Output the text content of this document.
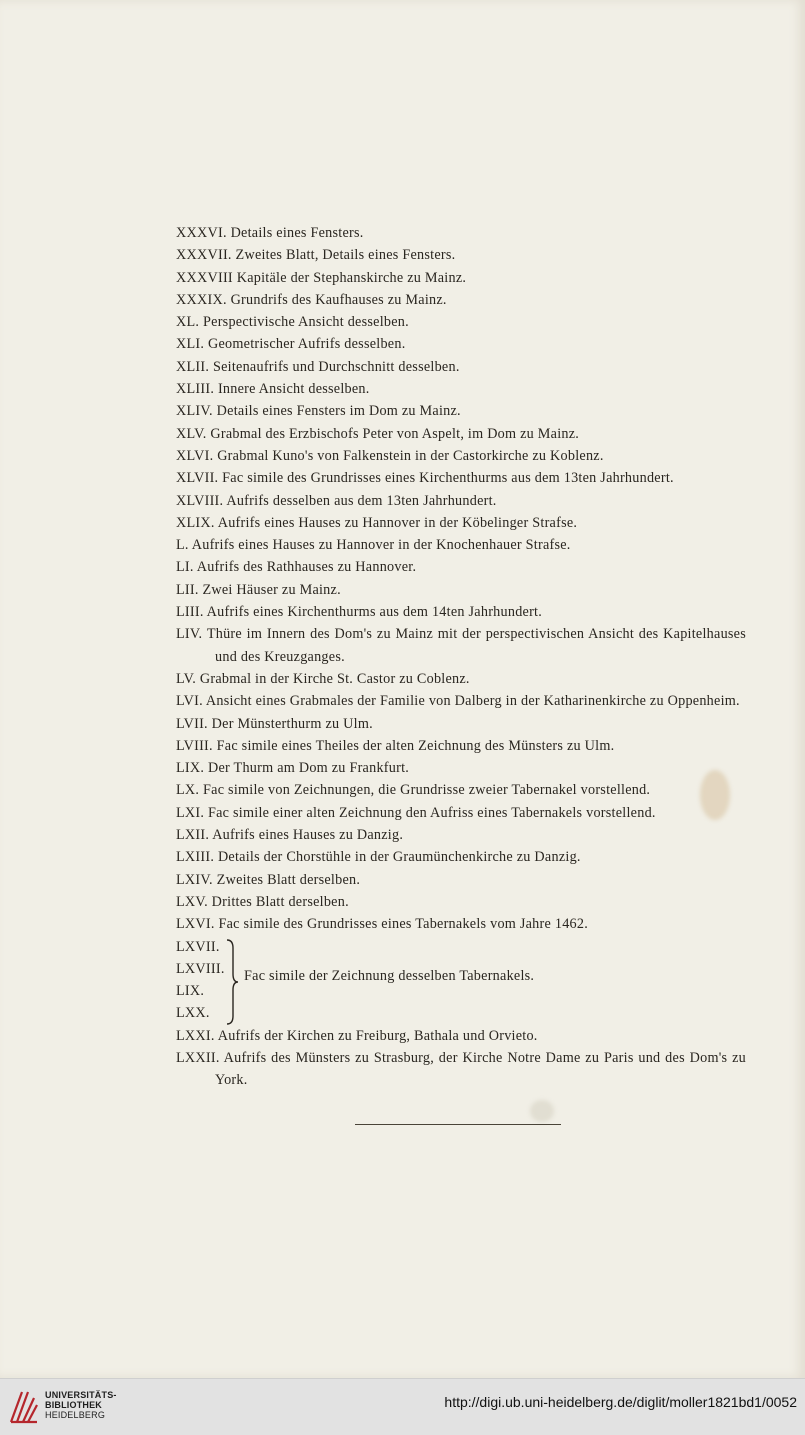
XXXVI. Details eines Fensters.
XXXVII. Zweites Blatt, Details eines Fensters.
XXXVIII Kapitäle der Stephanskirche zu Mainz.
XXXIX. Grundrifs des Kaufhauses zu Mainz.
XL. Perspectivische Ansicht desselben.
XLI. Geometrischer Aufrifs desselben.
XLII. Seitenaufrifs und Durchschnitt desselben.
XLIII. Innere Ansicht desselben.
XLIV. Details eines Fensters im Dom zu Mainz.
XLV. Grabmal des Erzbischofs Peter von Aspelt, im Dom zu Mainz.
XLVI. Grabmal Kuno's von Falkenstein in der Castorkirche zu Koblenz.
XLVII. Fac simile des Grundrisses eines Kirchenthurms aus dem 13ten Jahrhundert.
XLVIII. Aufrifs desselben aus dem 13ten Jahrhundert.
XLIX. Aufrifs eines Hauses zu Hannover in der Köbelinger Strafse.
L. Aufrifs eines Hauses zu Hannover in der Knochenhauer Strafse.
LI. Aufrifs des Rathhauses zu Hannover.
LII. Zwei Häuser zu Mainz.
LIII. Aufrifs eines Kirchenthurms aus dem 14ten Jahrhundert.
LIV. Thüre im Innern des Dom's zu Mainz mit der perspectivischen Ansicht des Kapitelhauses und des Kreuzganges.
LV. Grabmal in der Kirche St. Castor zu Coblenz.
LVI. Ansicht eines Grabmales der Familie von Dalberg in der Katharinenkirche zu Oppenheim.
LVII. Der Münsterthurm zu Ulm.
LVIII. Fac simile eines Theiles der alten Zeichnung des Münsters zu Ulm.
LIX. Der Thurm am Dom zu Frankfurt.
LX. Fac simile von Zeichnungen, die Grundrisse zweier Tabernakel vorstellend.
LXI. Fac simile einer alten Zeichnung den Aufriss eines Tabernakels vorstellend.
LXII. Aufrifs eines Hauses zu Danzig.
LXIII. Details der Chorstühle in der Graumünchenkirche zu Danzig.
LXIV. Zweites Blatt derselben.
LXV. Drittes Blatt derselben.
LXVI. Fac simile des Grundrisses eines Tabernakels vom Jahre 1462.
LXVII.
LXVIII.
LIX.
LXX.
Fac simile der Zeichnung desselben Tabernakels.
LXXI. Aufrifs der Kirchen zu Freiburg, Bathala und Orvieto.
LXXII. Aufrifs des Münsters zu Strasburg, der Kirche Notre Dame zu Paris und des Dom's zu York.
UNIVERSITÄTS-
BIBLIOTHEK
HEIDELBERG
http://digi.ub.uni-heidelberg.de/diglit/moller1821bd1/0052
